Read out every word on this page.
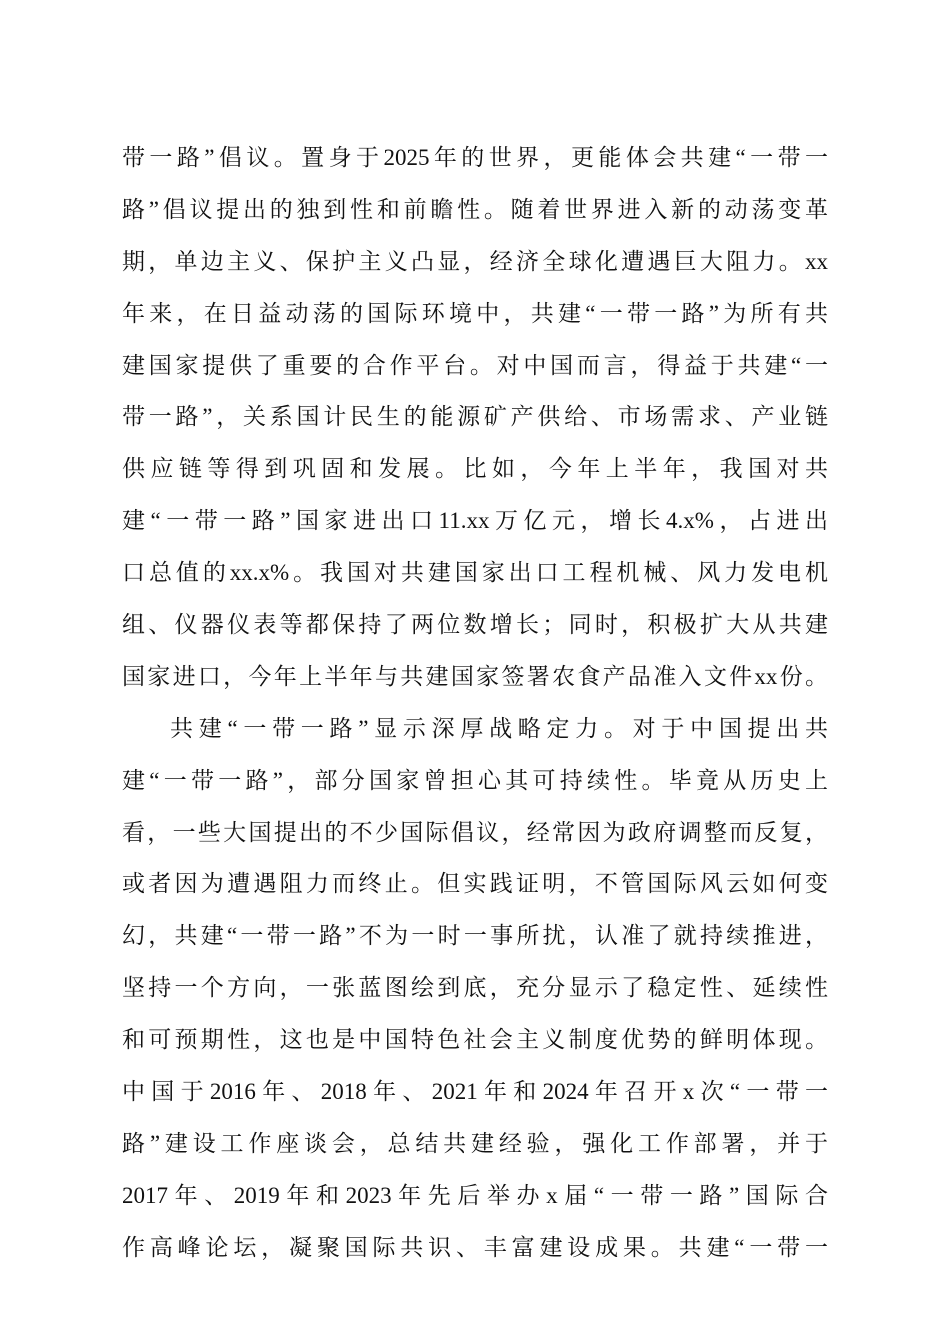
带一路”倡议。置身于2025年的世界，更能体会共建“一带一
路”倡议提出的独到性和前瞻性。随着世界进入新的动荡变革
期，单边主义、保护主义凸显，经济全球化遭遇巨大阻力。xx
年来，在日益动荡的国际环境中，共建“一带一路”为所有共
建国家提供了重要的合作平台。对中国而言，得益于共建“一
带一路”，关系国计民生的能源矿产供给、市场需求、产业链
供应链等得到巩固和发展。比如，今年上半年，我国对共
建“一带一路”国家进出口11.xx万亿元，增长4.x%，占进出
口总值的xx.x%。我国对共建国家出口工程机械、风力发电机
组、仪器仪表等都保持了两位数增长；同时，积极扩大从共建
国家进口，今年上半年与共建国家签署农食产品准入文件xx份。
共建“一带一路”显示深厚战略定力。对于中国提出共
建“一带一路”，部分国家曾担心其可持续性。毕竟从历史上
看，一些大国提出的不少国际倡议，经常因为政府调整而反复，
或者因为遭遇阻力而终止。但实践证明，不管国际风云如何变
幻，共建“一带一路”不为一时一事所扰，认准了就持续推进，
坚持一个方向，一张蓝图绘到底，充分显示了稳定性、延续性
和可预期性，这也是中国特色社会主义制度优势的鲜明体现。
中国于2016年、2018年、2021年和2024年召开x次“一带一
路”建设工作座谈会，总结共建经验，强化工作部署，并于
2017年、2019年和2023年先后举办x届“一带一路”国际合
作高峰论坛，凝聚国际共识、丰富建设成果。共建“一带一
